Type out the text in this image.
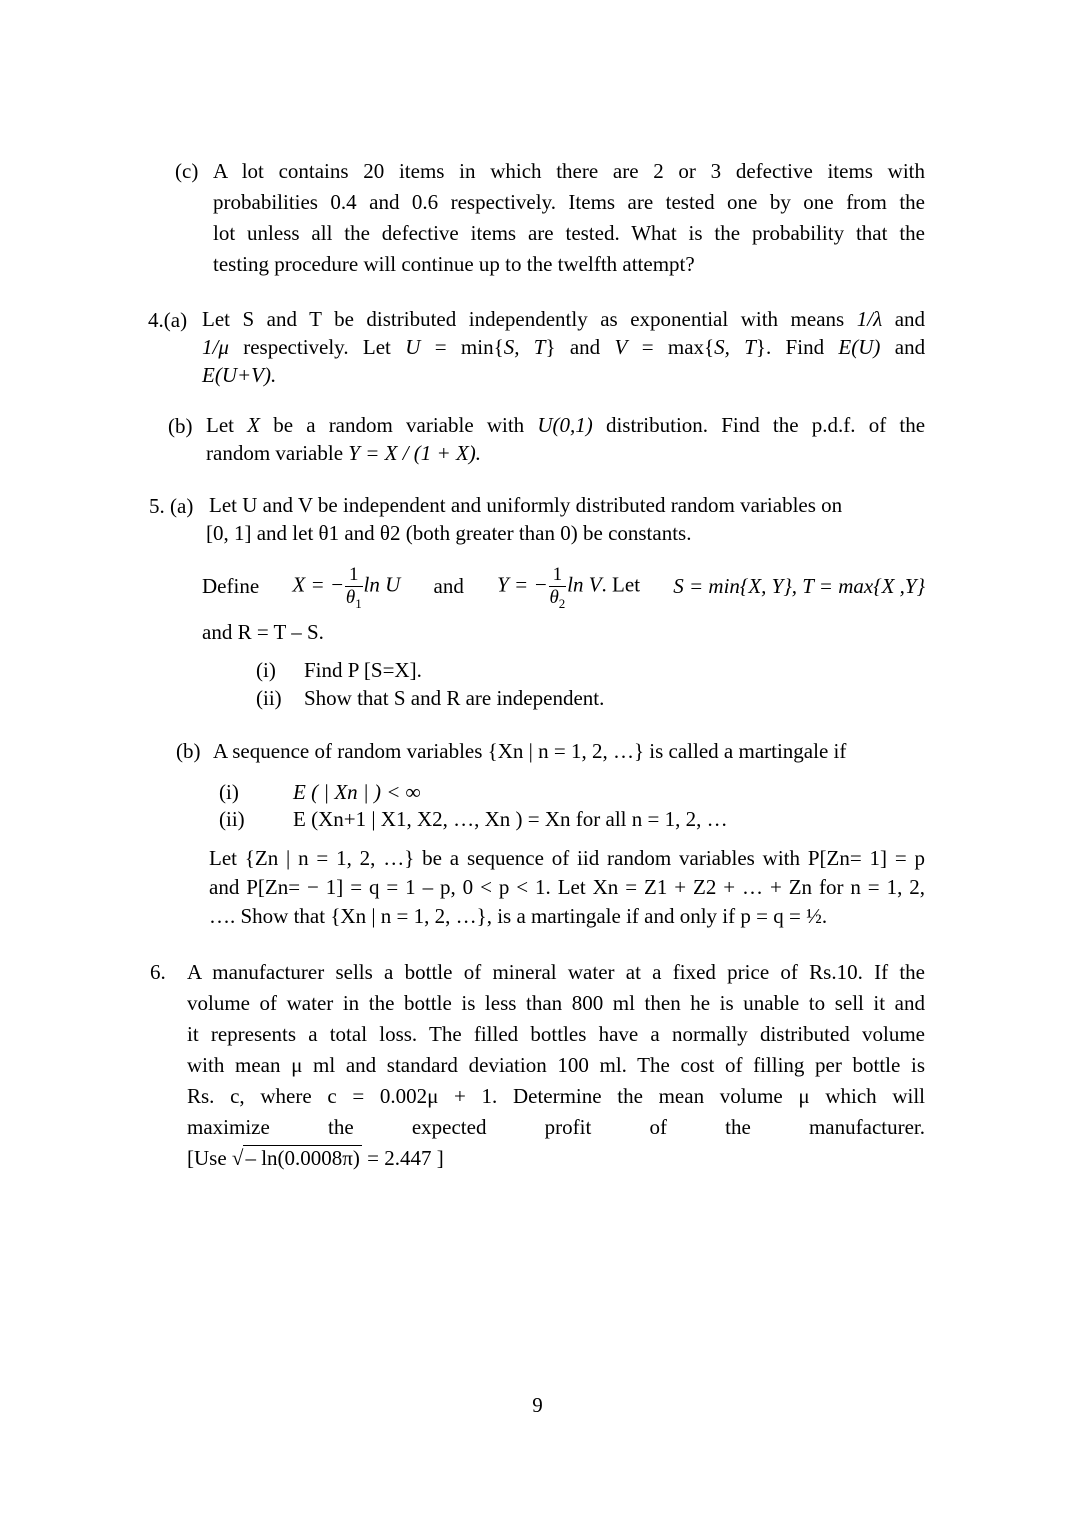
(c) A lot contains 20 items in which there are 2 or 3 defective items with
probabilities 0.4 and 0.6 respectively. Items are tested one by one from the
lot unless all the defective items are tested. What is the probability that the
testing procedure will continue up to the twelfth attempt?
4.(a) Let S and T be distributed independently as exponential with means 1/λ and
1/μ respectively. Let U = min{S, T} and V = max{S, T}. Find E(U) and
E(U+V).
(b) Let X be a random variable with U(0,1) distribution. Find the p.d.f. of the
random variable Y = X / (1 + X).
5. (a) Let U and V be independent and uniformly distributed random variables on
[0, 1] and let θ1 and θ2 (both greater than 0) be constants.
Define X = − $\frac{1}{\theta_1}$ ln U and Y = − $\frac{1}{\theta_2}$ ln V. Let S = min{X, Y}, T = max{X ,Y}
and R = T – S.
(i) Find P [S=X].
(ii) Show that S and R are independent.
(b) A sequence of random variables {Xn | n = 1, 2, …} is called a martingale if
(i)	E ( | Xn | ) < ∞
(ii) E (Xn+1 | X1, X2, …, Xn ) = Xn for all n = 1, 2, …
Let {Zn | n = 1, 2, …} be a sequence of iid random variables with P[Zn= 1] = p
and P[Zn= − 1] = q = 1 – p, 0 < p < 1. Let Xn = Z1 + Z2 + … + Zn for n = 1, 2,
…. Show that {Xn | n = 1, 2, …}, is a martingale if and only if p = q = ½.
6. A manufacturer sells a bottle of mineral water at a fixed price of Rs.10. If the
volume of water in the bottle is less than 800 ml then he is unable to sell it and
it represents a total loss. The filled bottles have a normally distributed volume
with mean μ ml and standard deviation 100 ml. The cost of filling per bottle is
Rs. c, where c = 0.002μ + 1. Determine the mean volume μ which will
maximize the expected profit of the manufacturer.
[Use √– ln(0.0008π) = 2.447 ]
9
